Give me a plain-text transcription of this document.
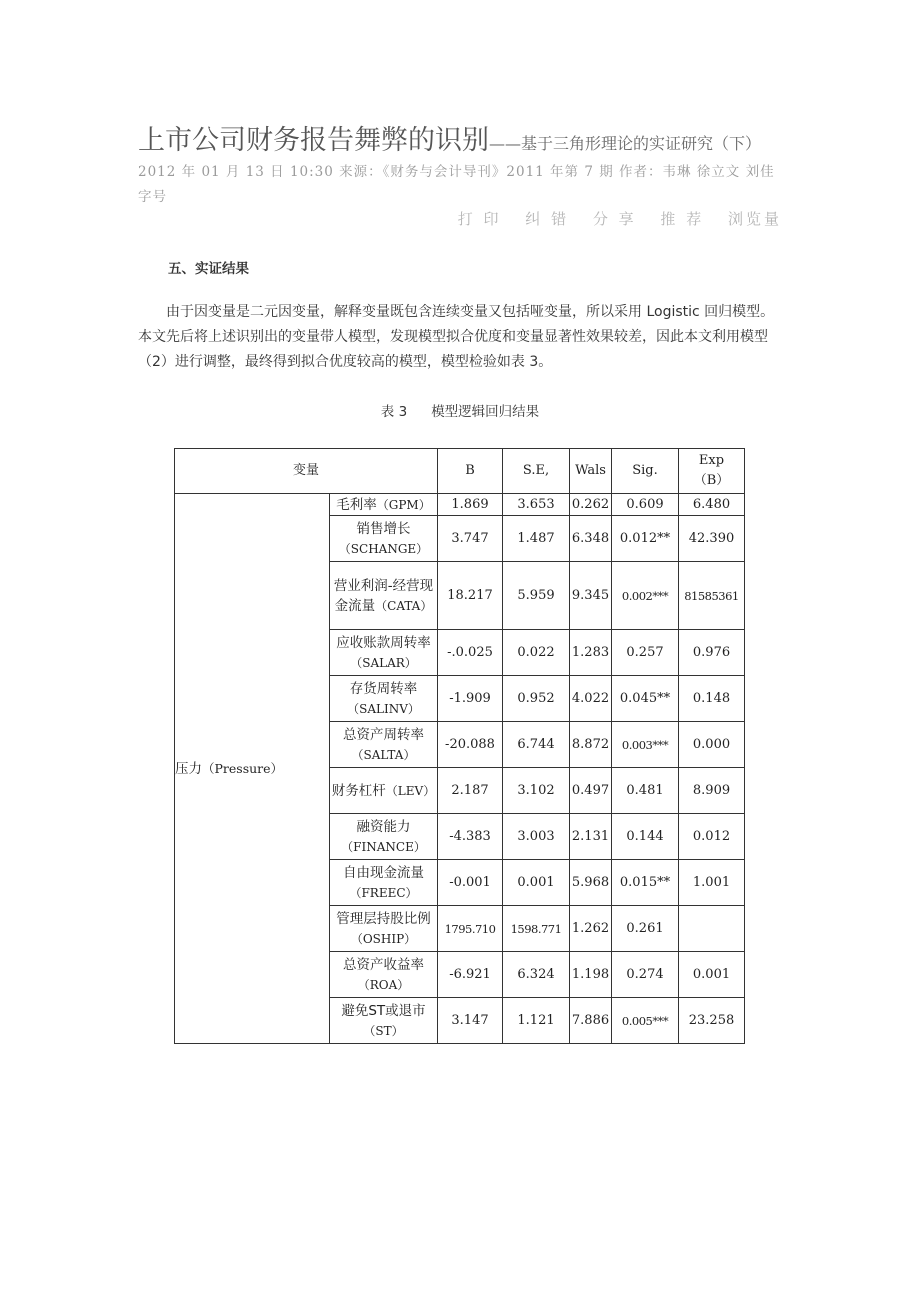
上市公司财务报告舞弊的识别——基于三角形理论的实证研究（下）
2012 年 01 月 13 日 10:30 来源：《财务与会计导刊》2011 年第 7 期 作者：韦琳 徐立文 刘佳 字号
打 印 纠 错 分 享 推 荐 浏览量
五、实证结果
由于因变量是二元因变量，解释变量既包含连续变量又包括哑变量，所以采用 Logistic 回归模型。本文先后将上述识别出的变量带人模型，发现模型拟合优度和变量显著性效果较差，因此本文利用模型（2）进行调整，最终得到拟合优度较高的模型，模型检验如表 3。
表 3 模型逻辑回归结果
变量		B	S.E,	Wals	Sig.	Exp
（B）

压力（Pressure）	毛利率（GPM）	1.869	3.653	0.262	0.609	6.480
	销售增长（SCHANGE）	3.747	1.487	6.348	0.012**	42.390
	营业利润-经营现金流量（CATA）	18.217	5.959	9.345	0.002***	81585361
	应收账款周转率（SALAR）	-.0.025	0.022	1.283	0.257	0.976
	存货周转率（SALINV）	-1.909	0.952	4.022	0.045**	0.148
	总资产周转率（SALTA）	-20.088	6.744	8.872	0.003***	0.000
	财务杠杆（LEV）	2.187	3.102	0.497	0.481	8.909
	融资能力（FINANCE）	-4.383	3.003	2.131	0.144	0.012
	自由现金流量（FREEC）	-0.001	0.001	5.968	0.015**	1.001
	管理层持股比例（OSHIP）	1795.710	1598.771	1.262	0.261	
	总资产收益率（ROA）	-6.921	6.324	1.198	0.274	0.001
	避免ST或退市（ST）	3.147	1.121	7.886	0.005***	23.258
